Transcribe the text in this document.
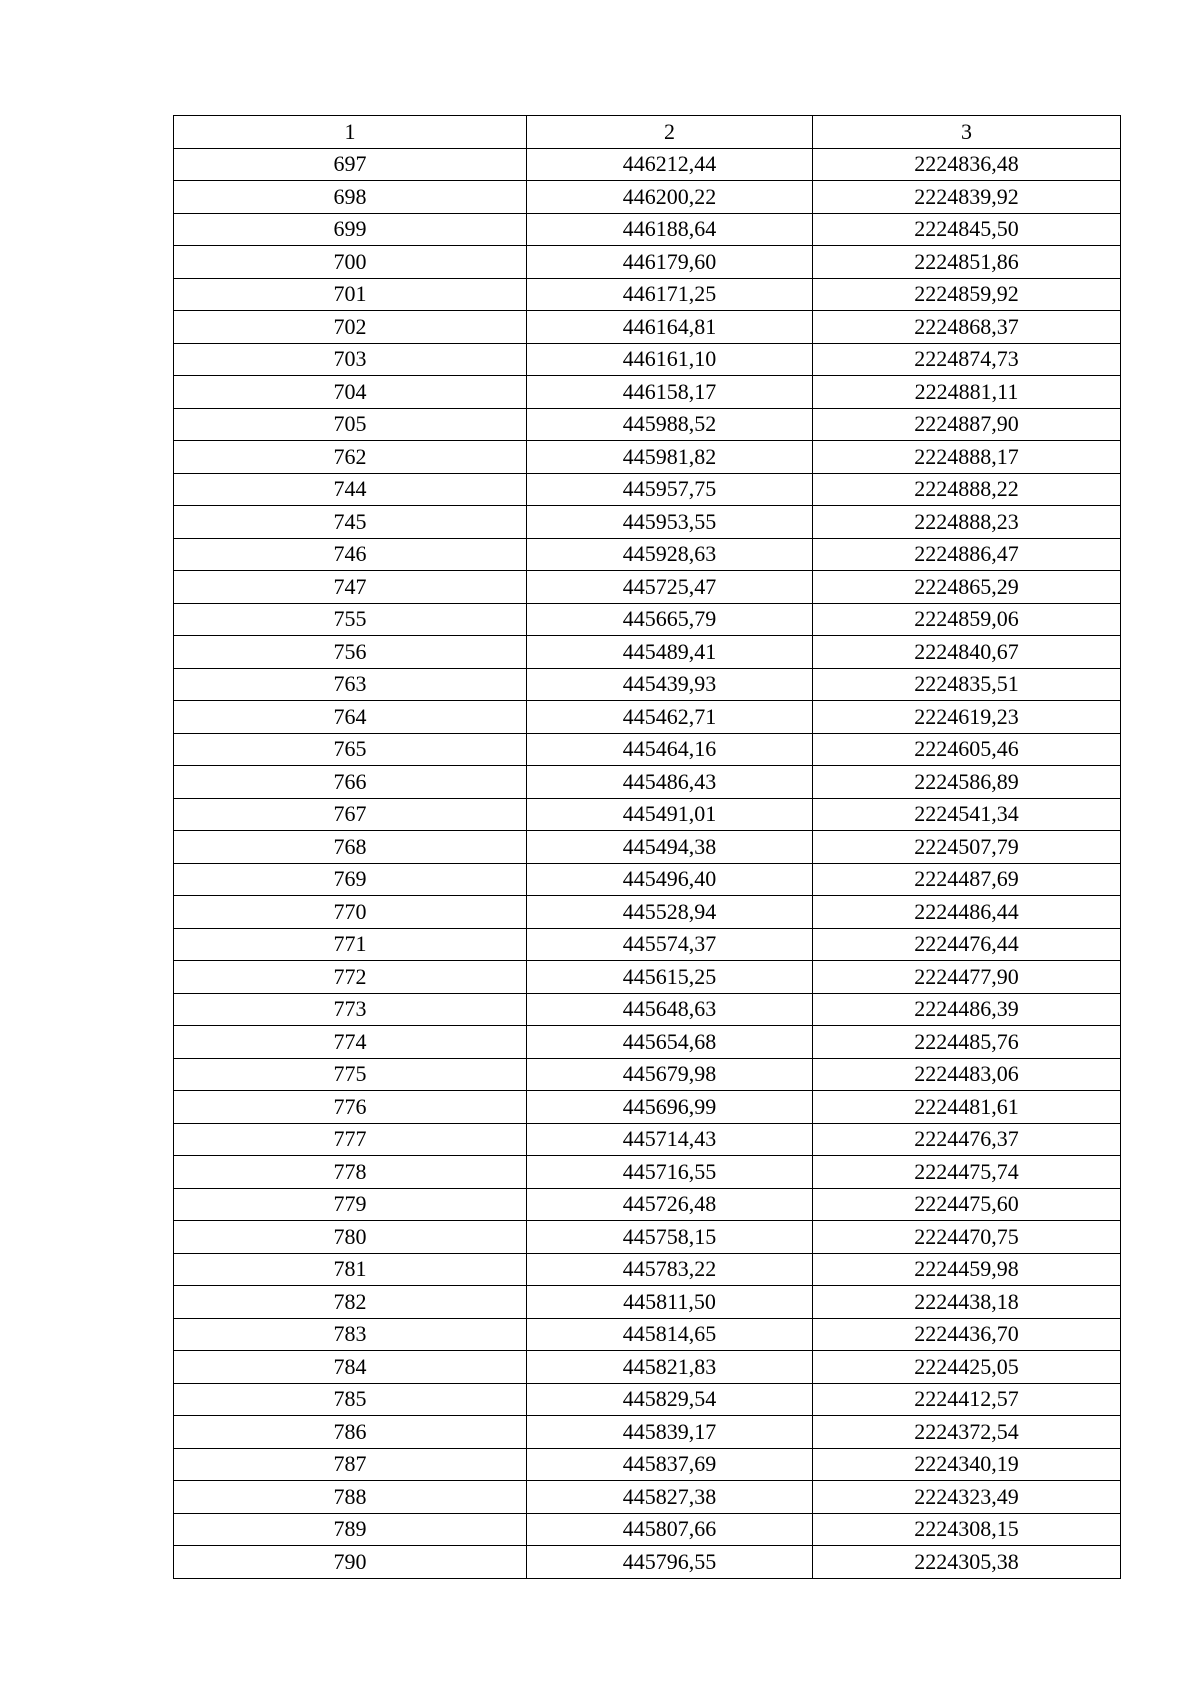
1	2	3
697	446212,44	2224836,48
698	446200,22	2224839,92
699	446188,64	2224845,50
700	446179,60	2224851,86
701	446171,25	2224859,92
702	446164,81	2224868,37
703	446161,10	2224874,73
704	446158,17	2224881,11
705	445988,52	2224887,90
762	445981,82	2224888,17
744	445957,75	2224888,22
745	445953,55	2224888,23
746	445928,63	2224886,47
747	445725,47	2224865,29
755	445665,79	2224859,06
756	445489,41	2224840,67
763	445439,93	2224835,51
764	445462,71	2224619,23
765	445464,16	2224605,46
766	445486,43	2224586,89
767	445491,01	2224541,34
768	445494,38	2224507,79
769	445496,40	2224487,69
770	445528,94	2224486,44
771	445574,37	2224476,44
772	445615,25	2224477,90
773	445648,63	2224486,39
774	445654,68	2224485,76
775	445679,98	2224483,06
776	445696,99	2224481,61
777	445714,43	2224476,37
778	445716,55	2224475,74
779	445726,48	2224475,60
780	445758,15	2224470,75
781	445783,22	2224459,98
782	445811,50	2224438,18
783	445814,65	2224436,70
784	445821,83	2224425,05
785	445829,54	2224412,57
786	445839,17	2224372,54
787	445837,69	2224340,19
788	445827,38	2224323,49
789	445807,66	2224308,15
790	445796,55	2224305,38
